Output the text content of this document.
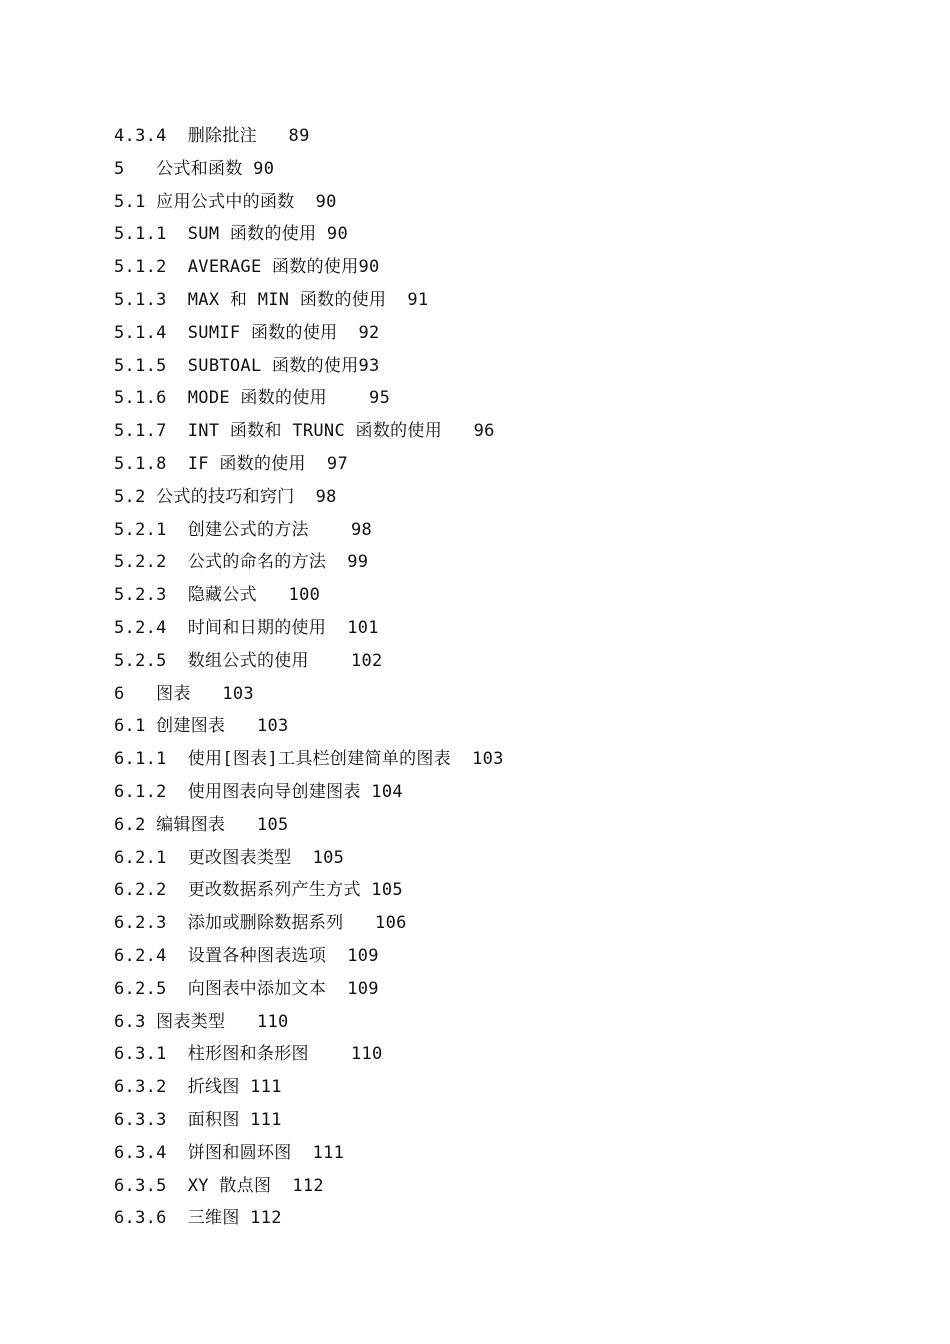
4.3.4  删除批注   89
5   公式和函数 90
5.1 应用公式中的函数  90
5.1.1  SUM 函数的使用 90
5.1.2  AVERAGE 函数的使用90
5.1.3  MAX 和 MIN 函数的使用  91
5.1.4  SUMIF 函数的使用  92
5.1.5  SUBTOAL 函数的使用93
5.1.6  MODE 函数的使用    95
5.1.7  INT 函数和 TRUNC 函数的使用   96
5.1.8  IF 函数的使用  97
5.2 公式的技巧和窍门  98
5.2.1  创建公式的方法    98
5.2.2  公式的命名的方法  99
5.2.3  隐藏公式   100
5.2.4  时间和日期的使用  101
5.2.5  数组公式的使用    102
6   图表   103
6.1 创建图表   103
6.1.1  使用[图表]工具栏创建简单的图表  103
6.1.2  使用图表向导创建图表 104
6.2 编辑图表   105
6.2.1  更改图表类型  105
6.2.2  更改数据系列产生方式 105
6.2.3  添加或删除数据系列   106
6.2.4  设置各种图表选项  109
6.2.5  向图表中添加文本  109
6.3 图表类型   110
6.3.1  柱形图和条形图    110
6.3.2  折线图 111
6.3.3  面积图 111
6.3.4  饼图和圆环图  111
6.3.5  XY 散点图  112
6.3.6  三维图 112
